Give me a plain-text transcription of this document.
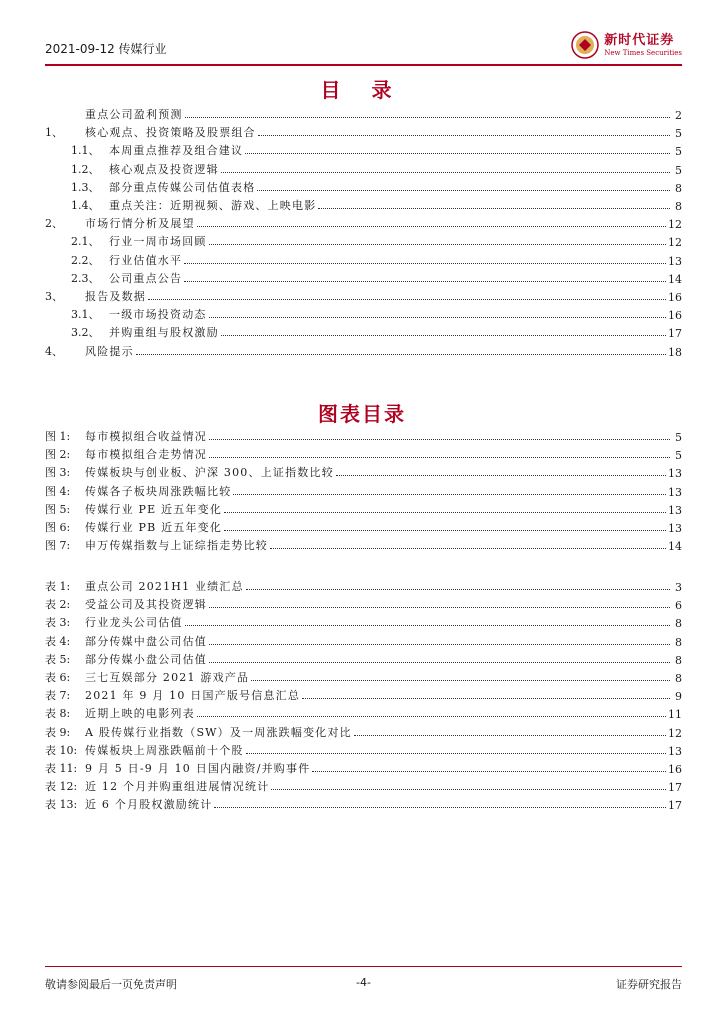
2021-09-12 传媒行业
新时代证券
New Times Securities
目 录
重点公司盈利预测	2
1、	核心观点、投资策略及股票组合	5
1.1、 本周重点推荐及组合建议	5
1.2、 核心观点及投资逻辑	5
1.3、 部分重点传媒公司估值表格	8
1.4、 重点关注：近期视频、游戏、上映电影	8
2、	市场行情分析及展望	12
2.1、 行业一周市场回顾	12
2.2、 行业估值水平	13
2.3、 公司重点公告	14
3、	报告及数据	16
3.1、 一级市场投资动态	16
3.2、 并购重组与股权激励	17
4、	风险提示	18
图表目录
图 1:	每市模拟组合收益情况	5
图 2:	每市模拟组合走势情况	5
图 3:	传媒板块与创业板、沪深 300、上证指数比较	13
图 4:	传媒各子板块周涨跌幅比较	13
图 5:	传媒行业 PE 近五年变化	13
图 6:	传媒行业 PB 近五年变化	13
图 7:	申万传媒指数与上证综指走势比较	14
表 1:	重点公司 2021H1 业绩汇总	3
表 2:	受益公司及其投资逻辑	6
表 3:	行业龙头公司估值	8
表 4:	部分传媒中盘公司估值	8
表 5:	部分传媒小盘公司估值	8
表 6:	三七互娱部分 2021 游戏产品	8
表 7:	2021 年 9 月 10 日国产版号信息汇总	9
表 8:	近期上映的电影列表	11
表 9:	A 股传媒行业指数（SW）及一周涨跌幅变化对比	12
表 10: 传媒板块上周涨跌幅前十个股	13
表 11: 9 月 5 日-9 月 10 日国内融资/并购事件	16
表 12: 近 12 个月并购重组进展情况统计	17
表 13: 近 6 个月股权激励统计	17
敬请参阅最后一页免责声明	-4-	证券研究报告
